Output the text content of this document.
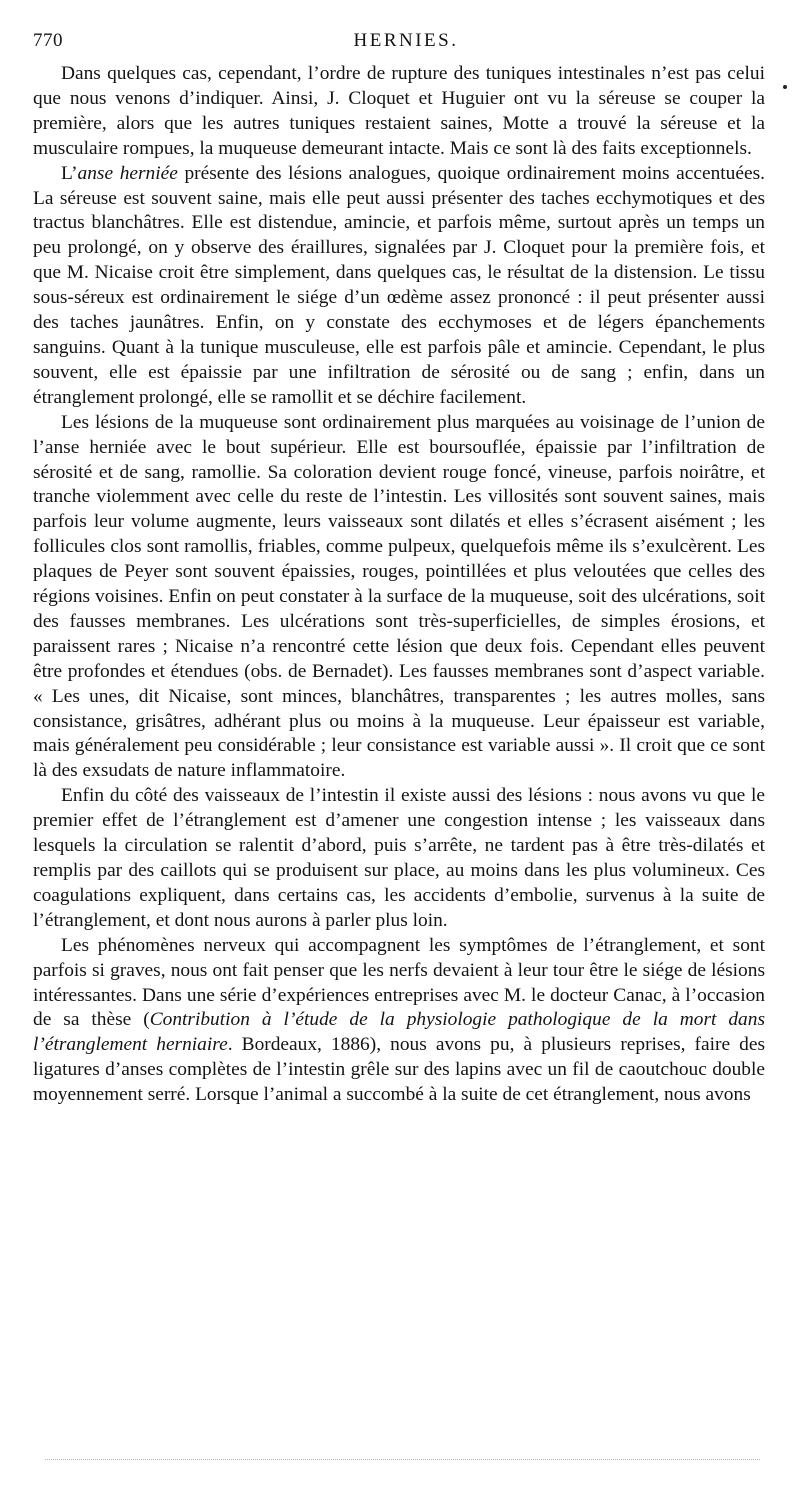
770	HERNIES.

Dans quelques cas, cependant, l’ordre de rupture des tuniques intestinales n’est pas celui que nous venons d’indiquer. Ainsi, J. Cloquet et Huguier ont vu la séreuse se couper la première, alors que les autres tuniques restaient saines, Motte a trouvé la séreuse et la musculaire rompues, la muqueuse demeurant intacte. Mais ce sont là des faits exceptionnels.

L’anse herniée présente des lésions analogues, quoique ordinairement moins accentuées. La séreuse est souvent saine, mais elle peut aussi présenter des taches ecchymotiques et des tractus blanchâtres. Elle est distendue, amincie, et parfois même, surtout après un temps un peu prolongé, on y observe des éraillures, signalées par J. Cloquet pour la première fois, et que M. Nicaise croit être simplement, dans quelques cas, le résultat de la distension. Le tissu sous-séreux est ordinairement le siége d’un œdème assez prononcé : il peut présenter aussi des taches jaunâtres. Enfin, on y constate des ecchymoses et de légers épanchements sanguins. Quant à la tunique musculeuse, elle est parfois pâle et amincie. Cependant, le plus souvent, elle est épaissie par une infiltration de sérosité ou de sang ; enfin, dans un étranglement prolongé, elle se ramollit et se déchire facilement.

Les lésions de la muqueuse sont ordinairement plus marquées au voisinage de l’union de l’anse herniée avec le bout supérieur. Elle est boursouflée, épaissie par l’infiltration de sérosité et de sang, ramollie. Sa coloration devient rouge foncé, vineuse, parfois noirâtre, et tranche violemment avec celle du reste de l’intestin. Les villosités sont souvent saines, mais parfois leur volume augmente, leurs vaisseaux sont dilatés et elles s’écrasent aisément ; les follicules clos sont ramollis, friables, comme pulpeux, quelquefois même ils s’exulcèrent. Les plaques de Peyer sont souvent épaissies, rouges, pointillées et plus veloutées que celles des régions voisines. Enfin on peut constater à la surface de la muqueuse, soit des ulcérations, soit des fausses membranes. Les ulcérations sont très-superficielles, de simples érosions, et paraissent rares ; Nicaise n’a rencontré cette lésion que deux fois. Cependant elles peuvent être profondes et étendues (obs. de Bernadet). Les fausses membranes sont d’aspect variable. « Les unes, dit Nicaise, sont minces, blanchâtres, transparentes ; les autres molles, sans consistance, grisâtres, adhérant plus ou moins à la muqueuse. Leur épaisseur est variable, mais généralement peu considérable ; leur consistance est variable aussi ». Il croit que ce sont là des exsudats de nature inflammatoire.

Enfin du côté des vaisseaux de l’intestin il existe aussi des lésions : nous avons vu que le premier effet de l’étranglement est d’amener une congestion intense ; les vaisseaux dans lesquels la circulation se ralentit d’abord, puis s’arrête, ne tardent pas à être très-dilatés et remplis par des caillots qui se produisent sur place, au moins dans les plus volumineux. Ces coagulations expliquent, dans certains cas, les accidents d’embolie, survenus à la suite de l’étranglement, et dont nous aurons à parler plus loin.

Les phénomènes nerveux qui accompagnent les symptômes de l’étranglement, et sont parfois si graves, nous ont fait penser que les nerfs devaient à leur tour être le siége de lésions intéressantes. Dans une série d’expériences entreprises avec M. le docteur Canac, à l’occasion de sa thèse (Contribution à l’étude de la physiologie pathologique de la mort dans l’étranglement herniaire. Bordeaux, 1886), nous avons pu, à plusieurs reprises, faire des ligatures d’anses complètes de l’intestin grêle sur des lapins avec un fil de caoutchouc double moyennement serré. Lorsque l’animal a succombé à la suite de cet étranglement, nous avons
